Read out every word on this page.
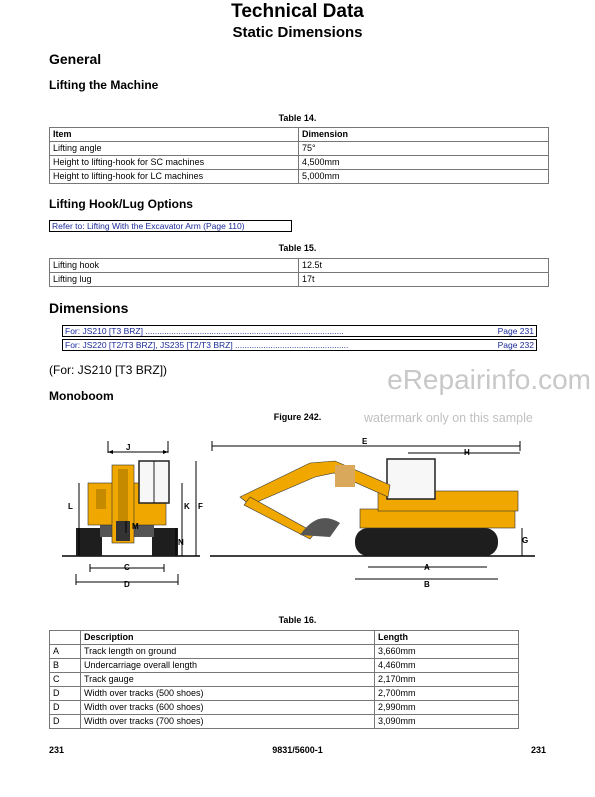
Technical Data
Static Dimensions
General
Lifting the Machine
Table 14.
Item	Dimension
Lifting angle	75°
Height to lifting-hook for SC machines	4,500mm
Height to lifting-hook for LC machines	5,000mm
Lifting Hook/Lug Options
Refer to: Lifting With the Excavator Arm (Page 110)
Table 15.
Lifting hook	12.5t
Lifting lug	17t
Dimensions
For: JS210 [T3 BRZ] ....................................................................................	Page 231
For: JS220 [T2/T3 BRZ], JS235 [T2/T3 BRZ] ................................................	Page 232
(For: JS210 [T3 BRZ])
Monoboom
eRepairinfo.com
watermark only on this sample
Figure 242.
J
L	K F
M
N
C
D
E
H
G
A
B
Table 16.
	Description	Length
A	Track length on ground	3,660mm
B	Undercarriage overall length	4,460mm
C	Track gauge	2,170mm
D	Width over tracks (500 shoes)	2,700mm
D	Width over tracks (600 shoes)	2,990mm
D	Width over tracks (700 shoes)	3,090mm
231	9831/5600-1	231
